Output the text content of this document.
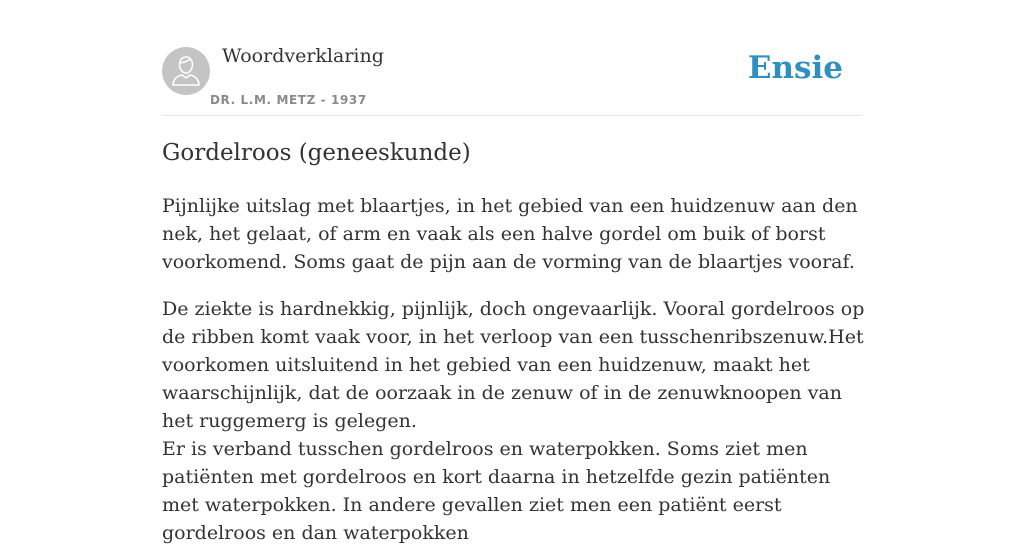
Woordverklaring
DR. L.M. METZ - 1937
Ensie
Gordelroos (geneeskunde)

Pijnlijke uitslag met blaartjes, in het gebied van een huidzenuw aan den nek, het gelaat, of arm en vaak als een halve gordel om buik of borst voorkomend. Soms gaat de pijn aan de vorming van de blaartjes vooraf.

De ziekte is hardnekkig, pijnlijk, doch ongevaarlijk. Vooral gordelroos op de ribben komt vaak voor, in het verloop van een tusschenribszenuw.Het voorkomen uitsluitend in het gebied van een huidzenuw, maakt het waarschijnlijk, dat de oorzaak in de zenuw of in de zenuwknoopen van het ruggemerg is gelegen.

Er is verband tusschen gordelroos en waterpokken. Soms ziet men patiënten met gordelroos en kort daarna in hetzelfde gezin patiënten met waterpokken. In andere gevallen ziet men een patiënt eerst gordelroos en dan waterpokken
